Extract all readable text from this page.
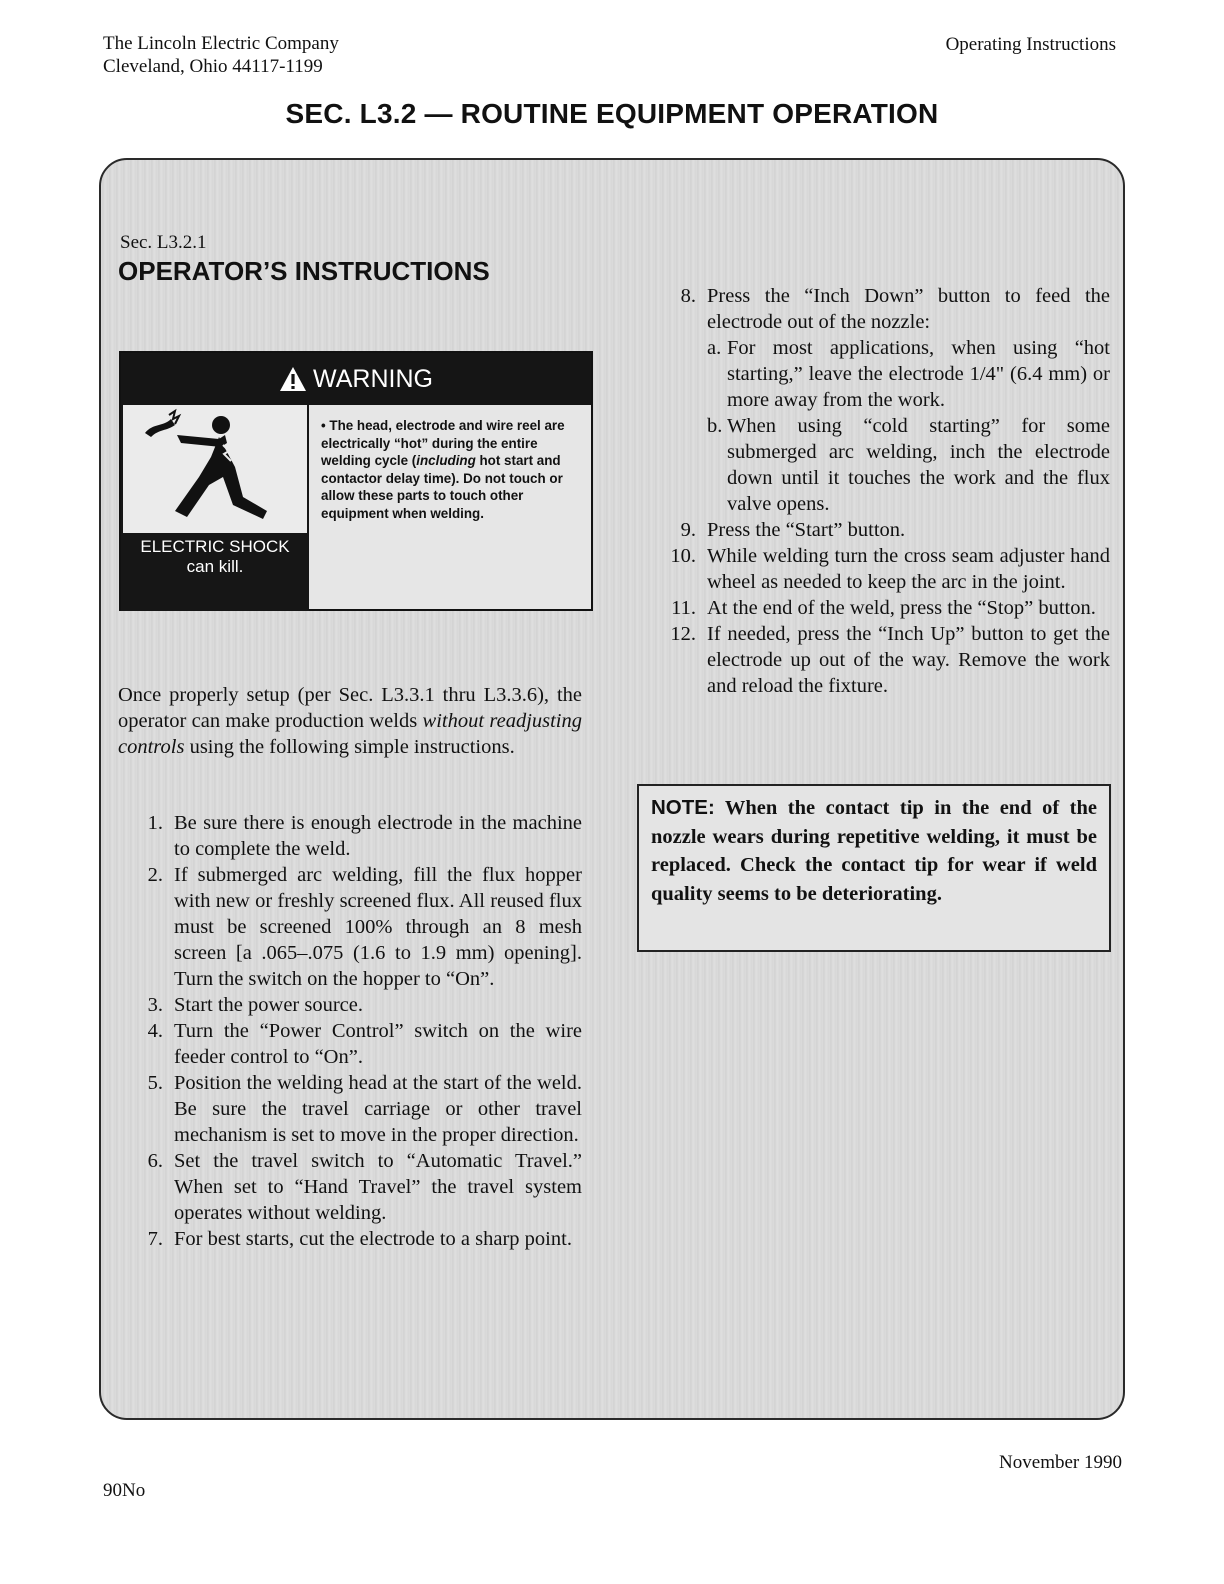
The Lincoln Electric Company
Cleveland, Ohio 44117-1199
Operating Instructions
SEC. L3.2 — ROUTINE EQUIPMENT OPERATION
Sec. L3.2.1
OPERATOR’S INSTRUCTIONS
WARNING
ELECTRIC SHOCK
can kill.
• The head, electrode and wire reel are electrically “hot” during the entire welding cycle (including hot start and contactor delay time). Do not touch or allow these parts to touch other equipment when welding.
Once properly setup (per Sec. L3.3.1 thru L3.3.6), the operator can make production welds without readjusting controls using the following simple instructions.
1. Be sure there is enough electrode in the machine to complete the weld.
2. If submerged arc welding, fill the flux hopper with new or freshly screened flux. All reused flux must be screened 100% through an 8 mesh screen [a .065–.075 (1.6 to 1.9 mm) opening]. Turn the switch on the hopper to “On”.
3. Start the power source.
4. Turn the “Power Control” switch on the wire feeder control to “On”.
5. Position the welding head at the start of the weld. Be sure the travel carriage or other travel mechanism is set to move in the proper direction.
6. Set the travel switch to “Automatic Travel.” When set to “Hand Travel” the travel system operates without welding.
7. For best starts, cut the electrode to a sharp point.
8. Press the “Inch Down” button to feed the electrode out of the nozzle:
a. For most applications, when using “hot starting,” leave the electrode 1/4" (6.4 mm) or more away from the work.
b. When using “cold starting” for some submerged arc welding, inch the electrode down until it touches the work and the flux valve opens.
9. Press the “Start” button.
10. While welding turn the cross seam adjuster hand wheel as needed to keep the arc in the joint.
11. At the end of the weld, press the “Stop” button.
12. If needed, press the “Inch Up” button to get the electrode up out of the way. Remove the work and reload the fixture.
NOTE: When the contact tip in the end of the nozzle wears during repetitive welding, it must be replaced. Check the contact tip for wear if weld quality seems to be deteriorating.
November 1990
90No
